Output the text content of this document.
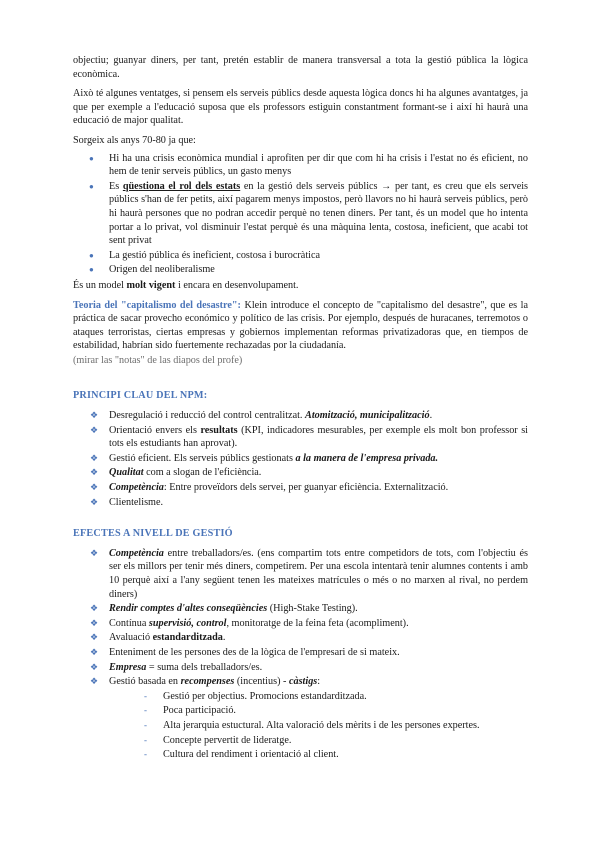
objectiu; guanyar diners, per tant, pretén establir de manera transversal a tota la gestió pública la lògica econòmica.

Això té algunes ventatges, si pensem els serveis públics desde aquesta lògica doncs hi ha algunes avantatges, ja que per exemple a l'educació suposa que els professors estiguin constantment formant-se i així hi haurà una educació de major qualitat.

Sorgeix als anys 70-80 ja que:

● Hi ha una crisis econòmica mundial i aprofiten per dir que com hi ha crisis i l'estat no és eficient, no hem de tenir serveis públics, un gasto menys
● Es qüestiona el rol dels estats en la gestió dels serveis públics → per tant, es creu que els serveis públics s'han de fer petits, així pagarem menys impostos, però llavors no hi haurà serveis públics, però hi haurà persones que no podran accedir perquè no tenen diners. Per tant, és un model que ho intenta portar a lo privat, vol disminuir l'estat perquè és una màquina lenta, costosa, ineficient, que acabi tot sent privat
● La gestió pública és ineficient, costosa i burocràtica
● Origen del neoliberalisme

És un model molt vigent i encara en desenvolupament.

Teoria del "capitalismo del desastre": Klein introduce el concepto de "capitalismo del desastre", que es la práctica de sacar provecho económico y político de las crisis. Por ejemplo, después de huracanes, terremotos o ataques terroristas, ciertas empresas y gobiernos implementan reformas privatizadoras que, en tiempos de estabilidad, habrían sido fuertemente rechazadas por la ciudadanía.

(mirar las "notas" de las diapos del profe)

PRINCIPI CLAU DEL NPM:

❖ Desregulació i reducció del control centralitzat. Atomització, municipalització.
❖ Orientació envers els resultats (KPI, indicadores mesurables, per exemple els molt bon professor si tots els estudiants han aprovat).
❖ Gestió eficient. Els serveis públics gestionats a la manera de l'empresa privada.
❖ Qualitat com a slogan de l'eficiència.
❖ Competència: Entre proveïdors dels servei, per guanyar eficiència. Externalització.
❖ Clientelisme.

EFECTES A NIVELL DE GESTIÓ

❖ Competència entre treballadors/es. (ens compartim tots entre competidors de tots, com l'objectiu és ser els millors per tenir més diners, competirem. Per una escola intentarà tenir alumnes contents i amb 10 perquè així a l'any següent tenen les mateixes matrícules o més o no marxen al rival, no perdem diners)
❖ Rendir comptes d'altes conseqüències (High-Stake Testing).
❖ Contínua supervisió, control, monitoratge de la feina feta (acompliment).
❖ Avaluació estandarditzada.
❖ Enteniment de les persones des de la lògica de l'empresari de si mateix.
❖ Empresa = suma dels treballadors/es.
❖ Gestió basada en recompenses (incentius) - càstigs:
- Gestió per objectius. Promocions estandarditzada.
- Poca participació.
- Alta jerarquia estuctural. Alta valoració dels mèrits i de les persones expertes.
- Concepte pervertit de lideratge.
- Cultura del rendiment i orientació al client.
